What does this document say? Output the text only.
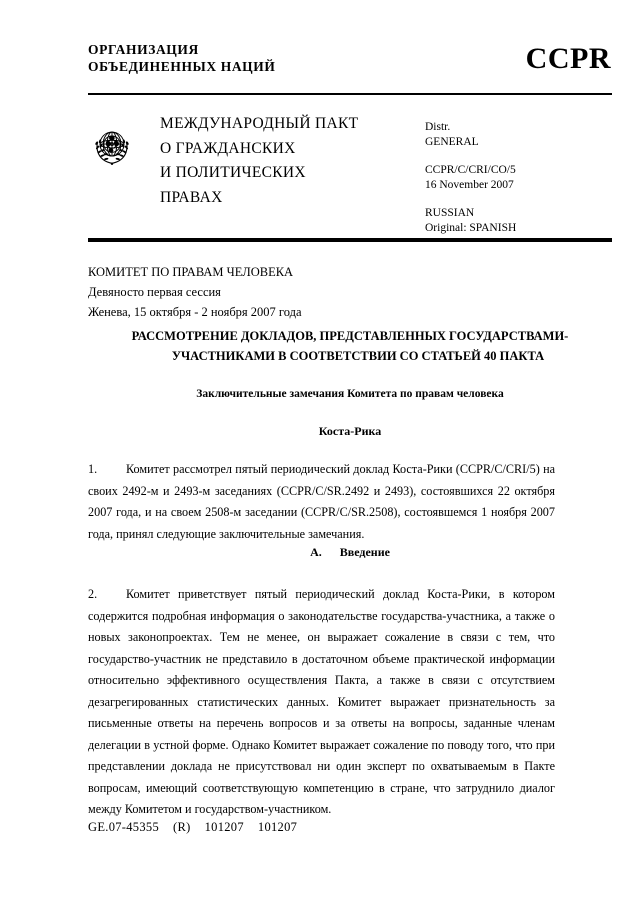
ОРГАНИЗАЦИЯ
ОБЪЕДИНЕННЫХ НАЦИЙ	CCPR
МЕЖДУНАРОДНЫЙ ПАКТ
О ГРАЖДАНСКИХ
И ПОЛИТИЧЕСКИХ
ПРАВАХ
Distr.
GENERAL
CCPR/C/CRI/CO/5
16 November 2007
RUSSIAN
Original: SPANISH
КОМИТЕТ ПО ПРАВАМ ЧЕЛОВЕКА
Девяносто первая сессия
Женева, 15 октября - 2 ноября 2007 года
РАССМОТРЕНИЕ ДОКЛАДОВ, ПРЕДСТАВЛЕННЫХ ГОСУДАРСТВАМИ-
УЧАСТНИКАМИ В СООТВЕТСТВИИ СО СТАТЬЕЙ 40 ПАКТА
Заключительные замечания Комитета по правам человека
Коста-Рика
1. Комитет рассмотрел пятый периодический доклад Коста-Рики (CCPR/C/CRI/5) на своих 2492-м и 2493-м заседаниях (CCPR/C/SR.2492 и 2493), состоявшихся 22 октября 2007 года, и на своем 2508-м заседании (CCPR/C/SR.2508), состоявшемся 1 ноября 2007 года, принял следующие заключительные замечания.
A. Введение
2. Комитет приветствует пятый периодический доклад Коста-Рики, в котором содержится подробная информация о законодательстве государства-участника, а также о новых законопроектах. Тем не менее, он выражает сожаление в связи с тем, что государство-участник не представило в достаточном объеме практической информации относительно эффективного осуществления Пакта, а также в связи с отсутствием дезагрегированных статистических данных. Комитет выражает признательность за письменные ответы на перечень вопросов и за ответы на вопросы, заданные членам делегации в устной форме. Однако Комитет выражает сожаление по поводу того, что при представлении доклада не присутствовал ни один эксперт по охватываемым в Пакте вопросам, имеющий соответствующую компетенцию в стране, что затруднило диалог между Комитетом и государством-участником.
GE.07-45355 (R) 101207 101207
